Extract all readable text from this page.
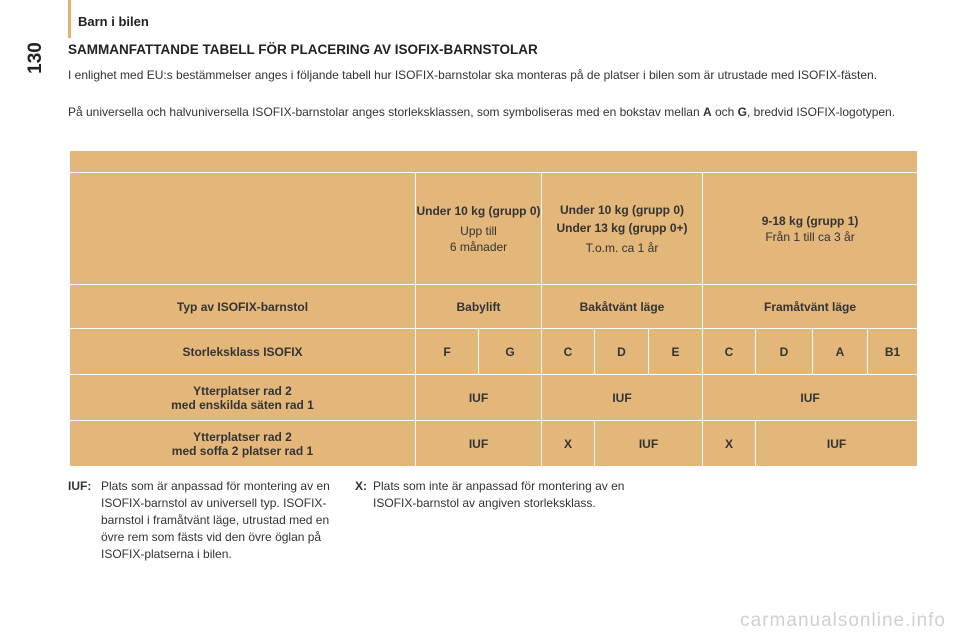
Barn i bilen
130	SAMMANFATTANDE TABELL FÖR PLACERING AV ISOFIX-BARNSTOLAR

I enlighet med EU:s bestämmelser anges i följande tabell hur ISOFIX-barnstolar ska monteras på de platser i bilen som är utrustade med ISOFIX-fästen.

På universella och halvuniversella ISOFIX-barnstolar anges storleksklassen, som symboliseras med en bokstav mellan A och G, bredvid ISOFIX-logotypen.

	Under 10 kg (grupp 0)
Upp till
6 månader		Under 10 kg (grupp 0)
Under 13 kg (grupp 0+)
T.o.m. ca 1 år			9-18 kg (grupp 1)
Från 1 till ca 3 år			

Typ av ISOFIX-barnstol	Babylift		Bakåtvänt läge			Framåtvänt läge			
Storleksklass ISOFIX	F	G	C	D	E	C	D	A	B1
Ytterplatser rad 2
med enskilda säten rad 1	IUF		IUF			IUF			
Ytterplatser rad 2
med soffa 2 platser rad 1	IUF		X	IUF		X	IUF		
IUF: Plats som är anpassad för montering av en ISOFIX-barnstol av universell typ. ISOFIX-barnstol i framåtvänt läge, utrustad med en övre rem som fästs vid den övre öglan på ISOFIX-platserna i bilen.
X: Plats som inte är anpassad för montering av en ISOFIX-barnstol av angiven storleksklass.
carmanualsonline.info
